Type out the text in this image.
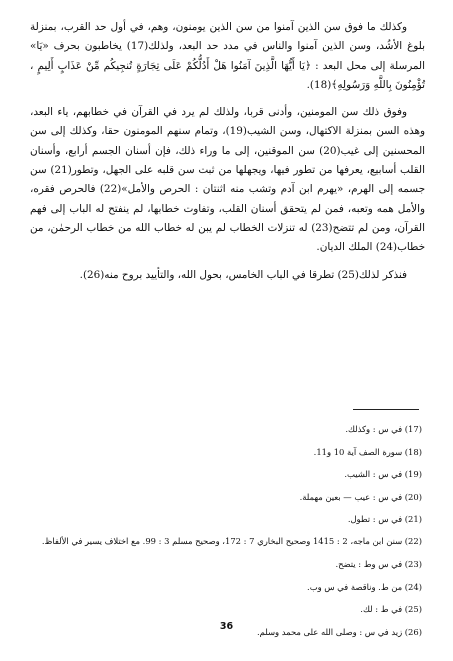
وكذلك ما فوق سن الذين آمنوا من سن الذين يومنون، وهم، في أول حد القرب، بمنزلة بلوغ الأشُد، وسن الذين آمنوا والناس في مدد حد البعد، ولذلك(17) يخاطبون بحرف «يَا» المرسلة إلى محل البعد : ﴿يَا أَيُّهَا الَّذِينَ آمَنُوا هَلْ أَدُلُّكُمْ عَلَى تِجَارَةٍ تُنجِيكُم مِّنْ عَذَابٍ أَلِيمٍ ، تُؤْمِنُونَ بِاللَّهِ وَرَسُولِهِ﴾(18).

وفوق ذلك سن المومنين، وأدنى قربا، ولذلك لم يرد في القرآن في خطابهم، ياء البعد، وهذه السن بمنزلة الاكتهال، وسن الشيب(19)، وتمام سنهم المومنون حقا، وكذلك إلى سن المحسنين إلى غيب(20) سن الموقنين، إلى ما وراء ذلك، فإن أسنان الجسم أرابع، وأسنان القلب أسابيع، يعرفها من تطور فيها، ويجهلها من ثبت سن قلبه على الجهل، وتطور(21) سن جسمه إلى الهرم، «يهرم ابن آدم وتشب منه اثنتان : الحرص والأمل»(22) فالحرص فقره، والأمل همه وتعبه، فمن لم يتحقق أسنان القلب، وتفاوت خطابها، لم ينفتح له الباب إلى فهم القرآن، ومن لم تتضح(23) له تنزلات الخطاب لم يبن له خطاب الله من خطاب الرحمٰن، من خطاب(24) الملك الديان.

فنذكر لذلك(25) تطرقا في الباب الخامس، بحول الله، والتأييد بروح منه(26).

(17) في س : وكذلك.
(18) سورة الصف آية 10 و11.
(19) في س : الشيب.
(20) في س : عيب — بعين مهملة.
(21) في س : تطول.
(22) سنن ابن ماجه، 2 : 1415 وصحيح البخاري 7 : 172، وصحيح مسلم 3 : 99. مع اختلاف يسير في الألفاظ.
(23) في س وط : يتضح.
(24) من ط. وناقصة في س وب.
(25) في ط : لك.
(26) زيد في س : وصلى الله على محمد وسلم.
36
